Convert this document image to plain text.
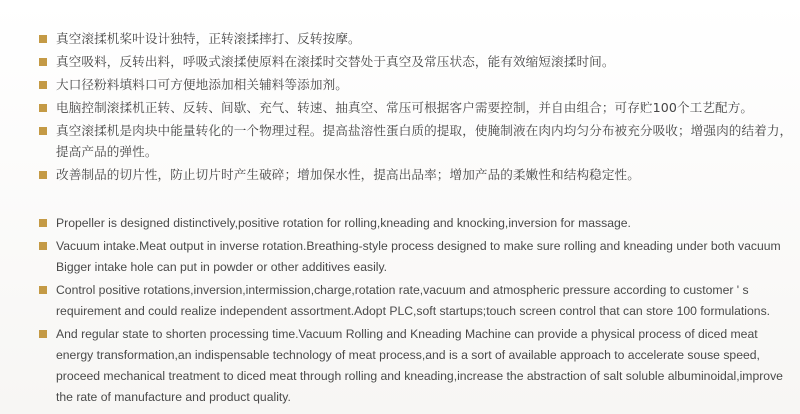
真空滚揉机桨叶设计独特，正转滚揉摔打、反转按摩。
真空吸料，反转出料，呼吸式滚揉使原料在滚揉时交替处于真空及常压状态，能有效缩短滚揉时间。
大口径粉料填料口可方便地添加相关辅料等添加剂。
电脑控制滚揉机正转、反转、间歇、充气、转速、抽真空、常压可根据客户需要控制，并自由组合；可存贮100个工艺配方。
真空滚揉机是肉块中能量转化的一个物理过程。提高盐溶性蛋白质的提取，使腌制液在肉内均匀分布被充分吸收；增强肉的结着力，提高产品的弹性。
改善制品的切片性，防止切片时产生破碎；增加保水性，提高出品率；增加产品的柔嫩性和结构稳定性。
Propeller is designed distinctively,positive rotation for rolling,kneading and knocking,inversion for massage.
Vacuum intake.Meat output in inverse rotation.Breathing-style process designed to make sure rolling and kneading under both vacuum Bigger intake hole can put in powder or other additives easily.
Control positive rotations,inversion,intermission,charge,rotation rate,vacuum and atmospheric pressure according to customer ' s requirement and could realize independent assortment.Adopt PLC,soft startups;touch screen control that can store 100 formulations.
And regular state to shorten processing time.Vacuum Rolling and Kneading Machine can provide a physical process of diced meat energy transformation,an indispensable technology of meat process,and is a sort of available approach to accelerate souse speed, proceed mechanical treatment to diced meat through rolling and kneading,increase the abstraction of salt soluble albuminoidal,improve the rate of manufacture and product quality.
